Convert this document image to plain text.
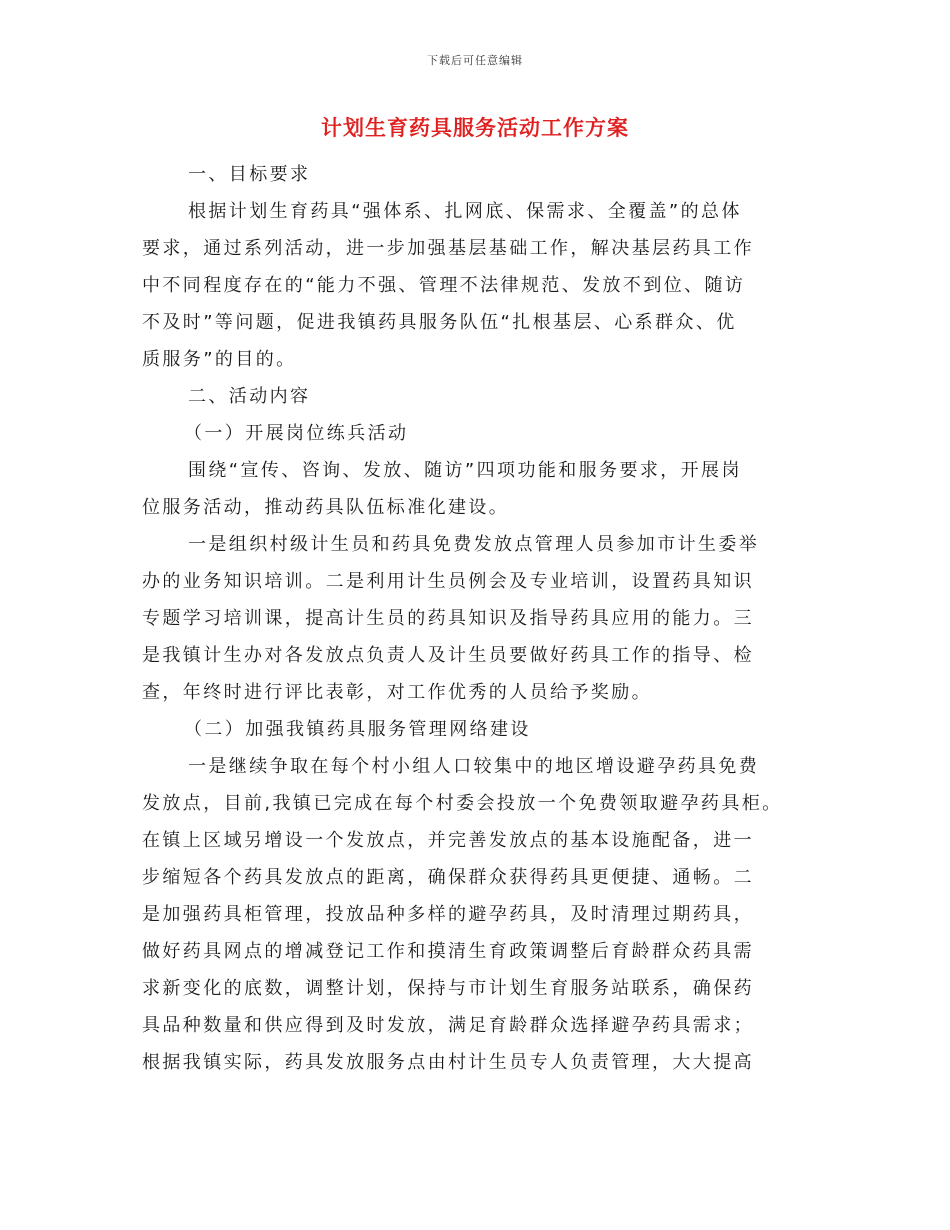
下载后可任意编辑
计划生育药具服务活动工作方案
一、目标要求
根据计划生育药具“强体系、扎网底、保需求、全覆盖”的总体
要求，通过系列活动，进一步加强基层基础工作，解决基层药具工作
中不同程度存在的“能力不强、管理不法律规范、发放不到位、随访
不及时”等问题，促进我镇药具服务队伍“扎根基层、心系群众、优
质服务”的目的。
二、活动内容
（一）开展岗位练兵活动
围绕“宣传、咨询、发放、随访”四项功能和服务要求，开展岗
位服务活动，推动药具队伍标准化建设。
一是组织村级计生员和药具免费发放点管理人员参加市计生委举
办的业务知识培训。二是利用计生员例会及专业培训，设置药具知识
专题学习培训课，提高计生员的药具知识及指导药具应用的能力。三
是我镇计生办对各发放点负责人及计生员要做好药具工作的指导、检
查，年终时进行评比表彰，对工作优秀的人员给予奖励。
（二）加强我镇药具服务管理网络建设
一是继续争取在每个村小组人口较集中的地区增设避孕药具免费
发放点，目前,我镇已完成在每个村委会投放一个免费领取避孕药具柜。
在镇上区域另增设一个发放点，并完善发放点的基本设施配备，进一
步缩短各个药具发放点的距离，确保群众获得药具更便捷、通畅。二
是加强药具柜管理，投放品种多样的避孕药具，及时清理过期药具，
做好药具网点的增减登记工作和摸清生育政策调整后育龄群众药具需
求新变化的底数，调整计划，保持与市计划生育服务站联系，确保药
具品种数量和供应得到及时发放，满足育龄群众选择避孕药具需求；
根据我镇实际，药具发放服务点由村计生员专人负责管理，大大提高
